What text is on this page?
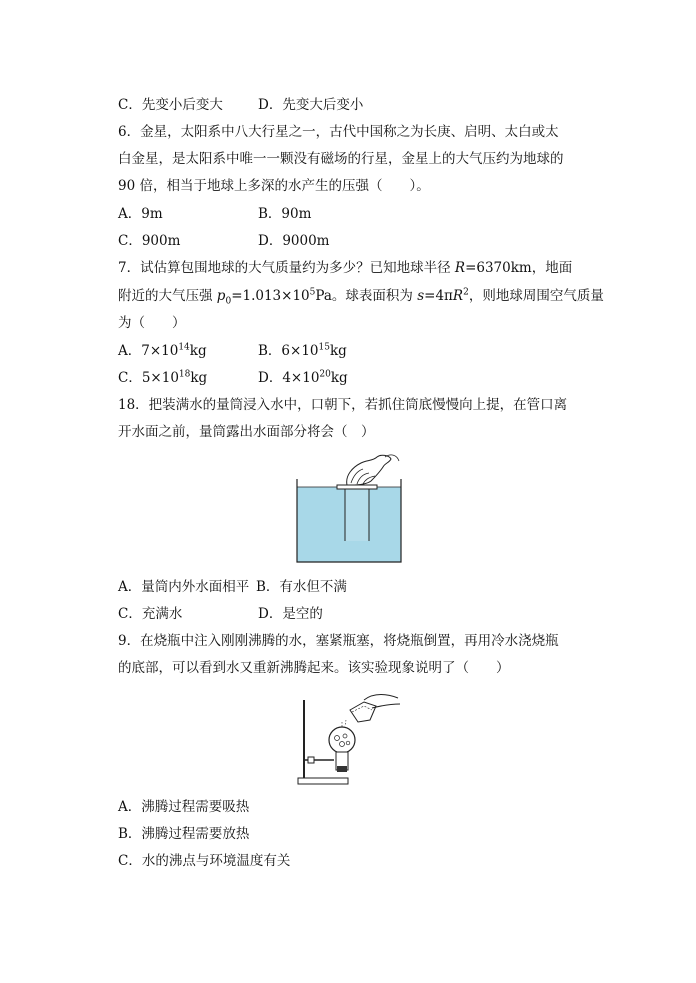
C．先变小后变大	D．先变大后变小
6．金星，太阳系中八大行星之一，古代中国称之为长庚、启明、太白或太
白金星，是太阳系中唯一一颗没有磁场的行星，金星上的大气压约为地球的
90 倍，相当于地球上多深的水产生的压强（　　）。
A．9m	B．90m
C．900m	D．9000m
7．试估算包围地球的大气质量约为多少？已知地球半径 R=6370km，地面
附近的大气压强 $p_0=1.013\times 10^5Pa$。球表面积为 $s=4\pi R^2$，则地球周围空气质量
为（　　）
A．$7\times 10^{14}kg$	B．$6\times 10^{15}kg$
C．$5\times 10^{18}kg$	D．$4\times 10^{20}kg$
18．把装满水的量筒浸入水中，口朝下，若抓住筒底慢慢向上提，在管口离
开水面之前，量筒露出水面部分将会（　）
A．量筒内外水面相平 B．有水但不满
C．充满水	D．是空的
9．在烧瓶中注入刚刚沸腾的水，塞紧瓶塞，将烧瓶倒置，再用冷水浇烧瓶
的底部，可以看到水又重新沸腾起来。该实验现象说明了（　　）
A．沸腾过程需要吸热
B．沸腾过程需要放热
C．水的沸点与环境温度有关
